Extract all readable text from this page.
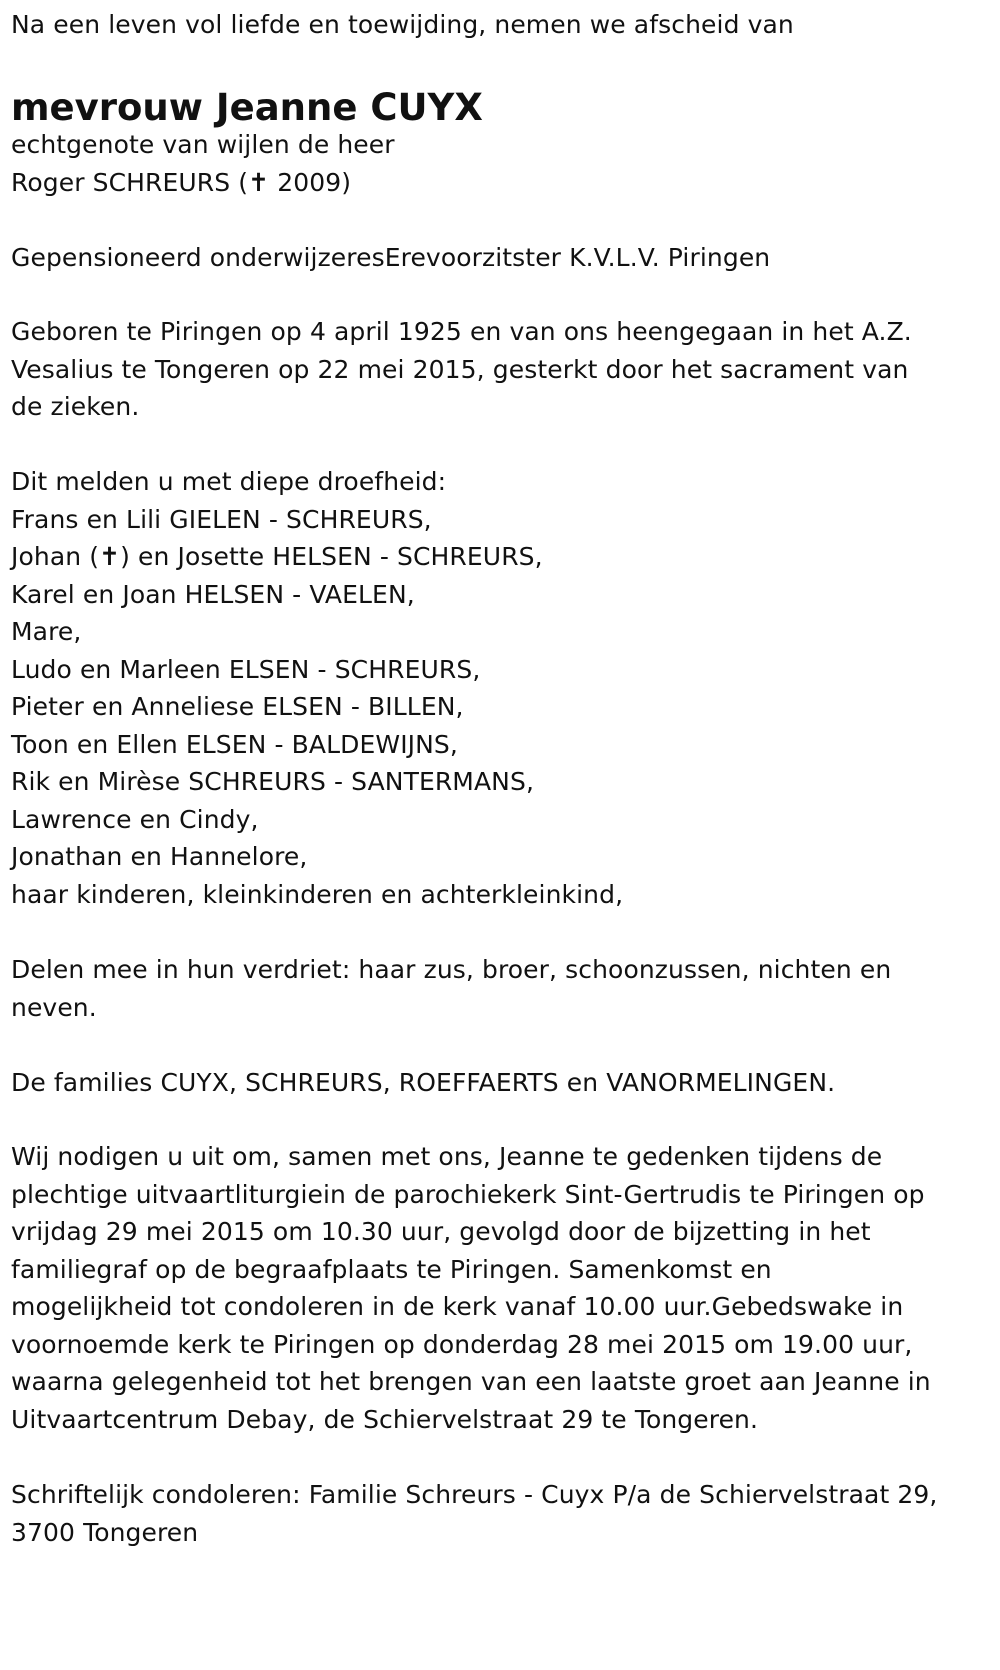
Na een leven vol liefde en toewijding, nemen we afscheid van

mevrouw Jeanne CUYX

echtgenote van wijlen de heer

Roger SCHREURS (✝ 2009)

Gepensioneerd onderwijzeresErevoorzitster K.V.L.V. Piringen

Geboren te Piringen op 4 april 1925 en van ons heengegaan in het A.Z.
Vesalius te Tongeren op 22 mei 2015, gesterkt door het sacrament van
de zieken.
Dit melden u met diepe droefheid:
Frans en Lili GIELEN - SCHREURS,
Johan (✝) en Josette HELSEN - SCHREURS,
Karel en Joan HELSEN - VAELEN,
Mare,
Ludo en Marleen ELSEN - SCHREURS,
Pieter en Anneliese ELSEN - BILLEN,
Toon en Ellen ELSEN - BALDEWIJNS,
Rik en Mirèse SCHREURS - SANTERMANS,
Lawrence en Cindy,
Jonathan en Hannelore,
haar kinderen, kleinkinderen en achterkleinkind,
Delen mee in hun verdriet: haar zus, broer, schoonzussen, nichten en
neven.

De families CUYX, SCHREURS, ROEFFAERTS en VANORMELINGEN.

Wij nodigen u uit om, samen met ons, Jeanne te gedenken tijdens de
plechtige uitvaartliturgiein de parochiekerk Sint-Gertrudis te Piringen op
vrijdag 29 mei 2015 om 10.30 uur, gevolgd door de bijzetting in het
familiegraf op de begraafplaats te Piringen. Samenkomst en
mogelijkheid tot condoleren in de kerk vanaf 10.00 uur.Gebedswake in
voornoemde kerk te Piringen op donderdag 28 mei 2015 om 19.00 uur,
waarna gelegenheid tot het brengen van een laatste groet aan Jeanne in
Uitvaartcentrum Debay, de Schiervelstraat 29 te Tongeren.
Schriftelijk condoleren: Familie Schreurs - Cuyx P/a de Schiervelstraat 29,
3700 Tongeren
